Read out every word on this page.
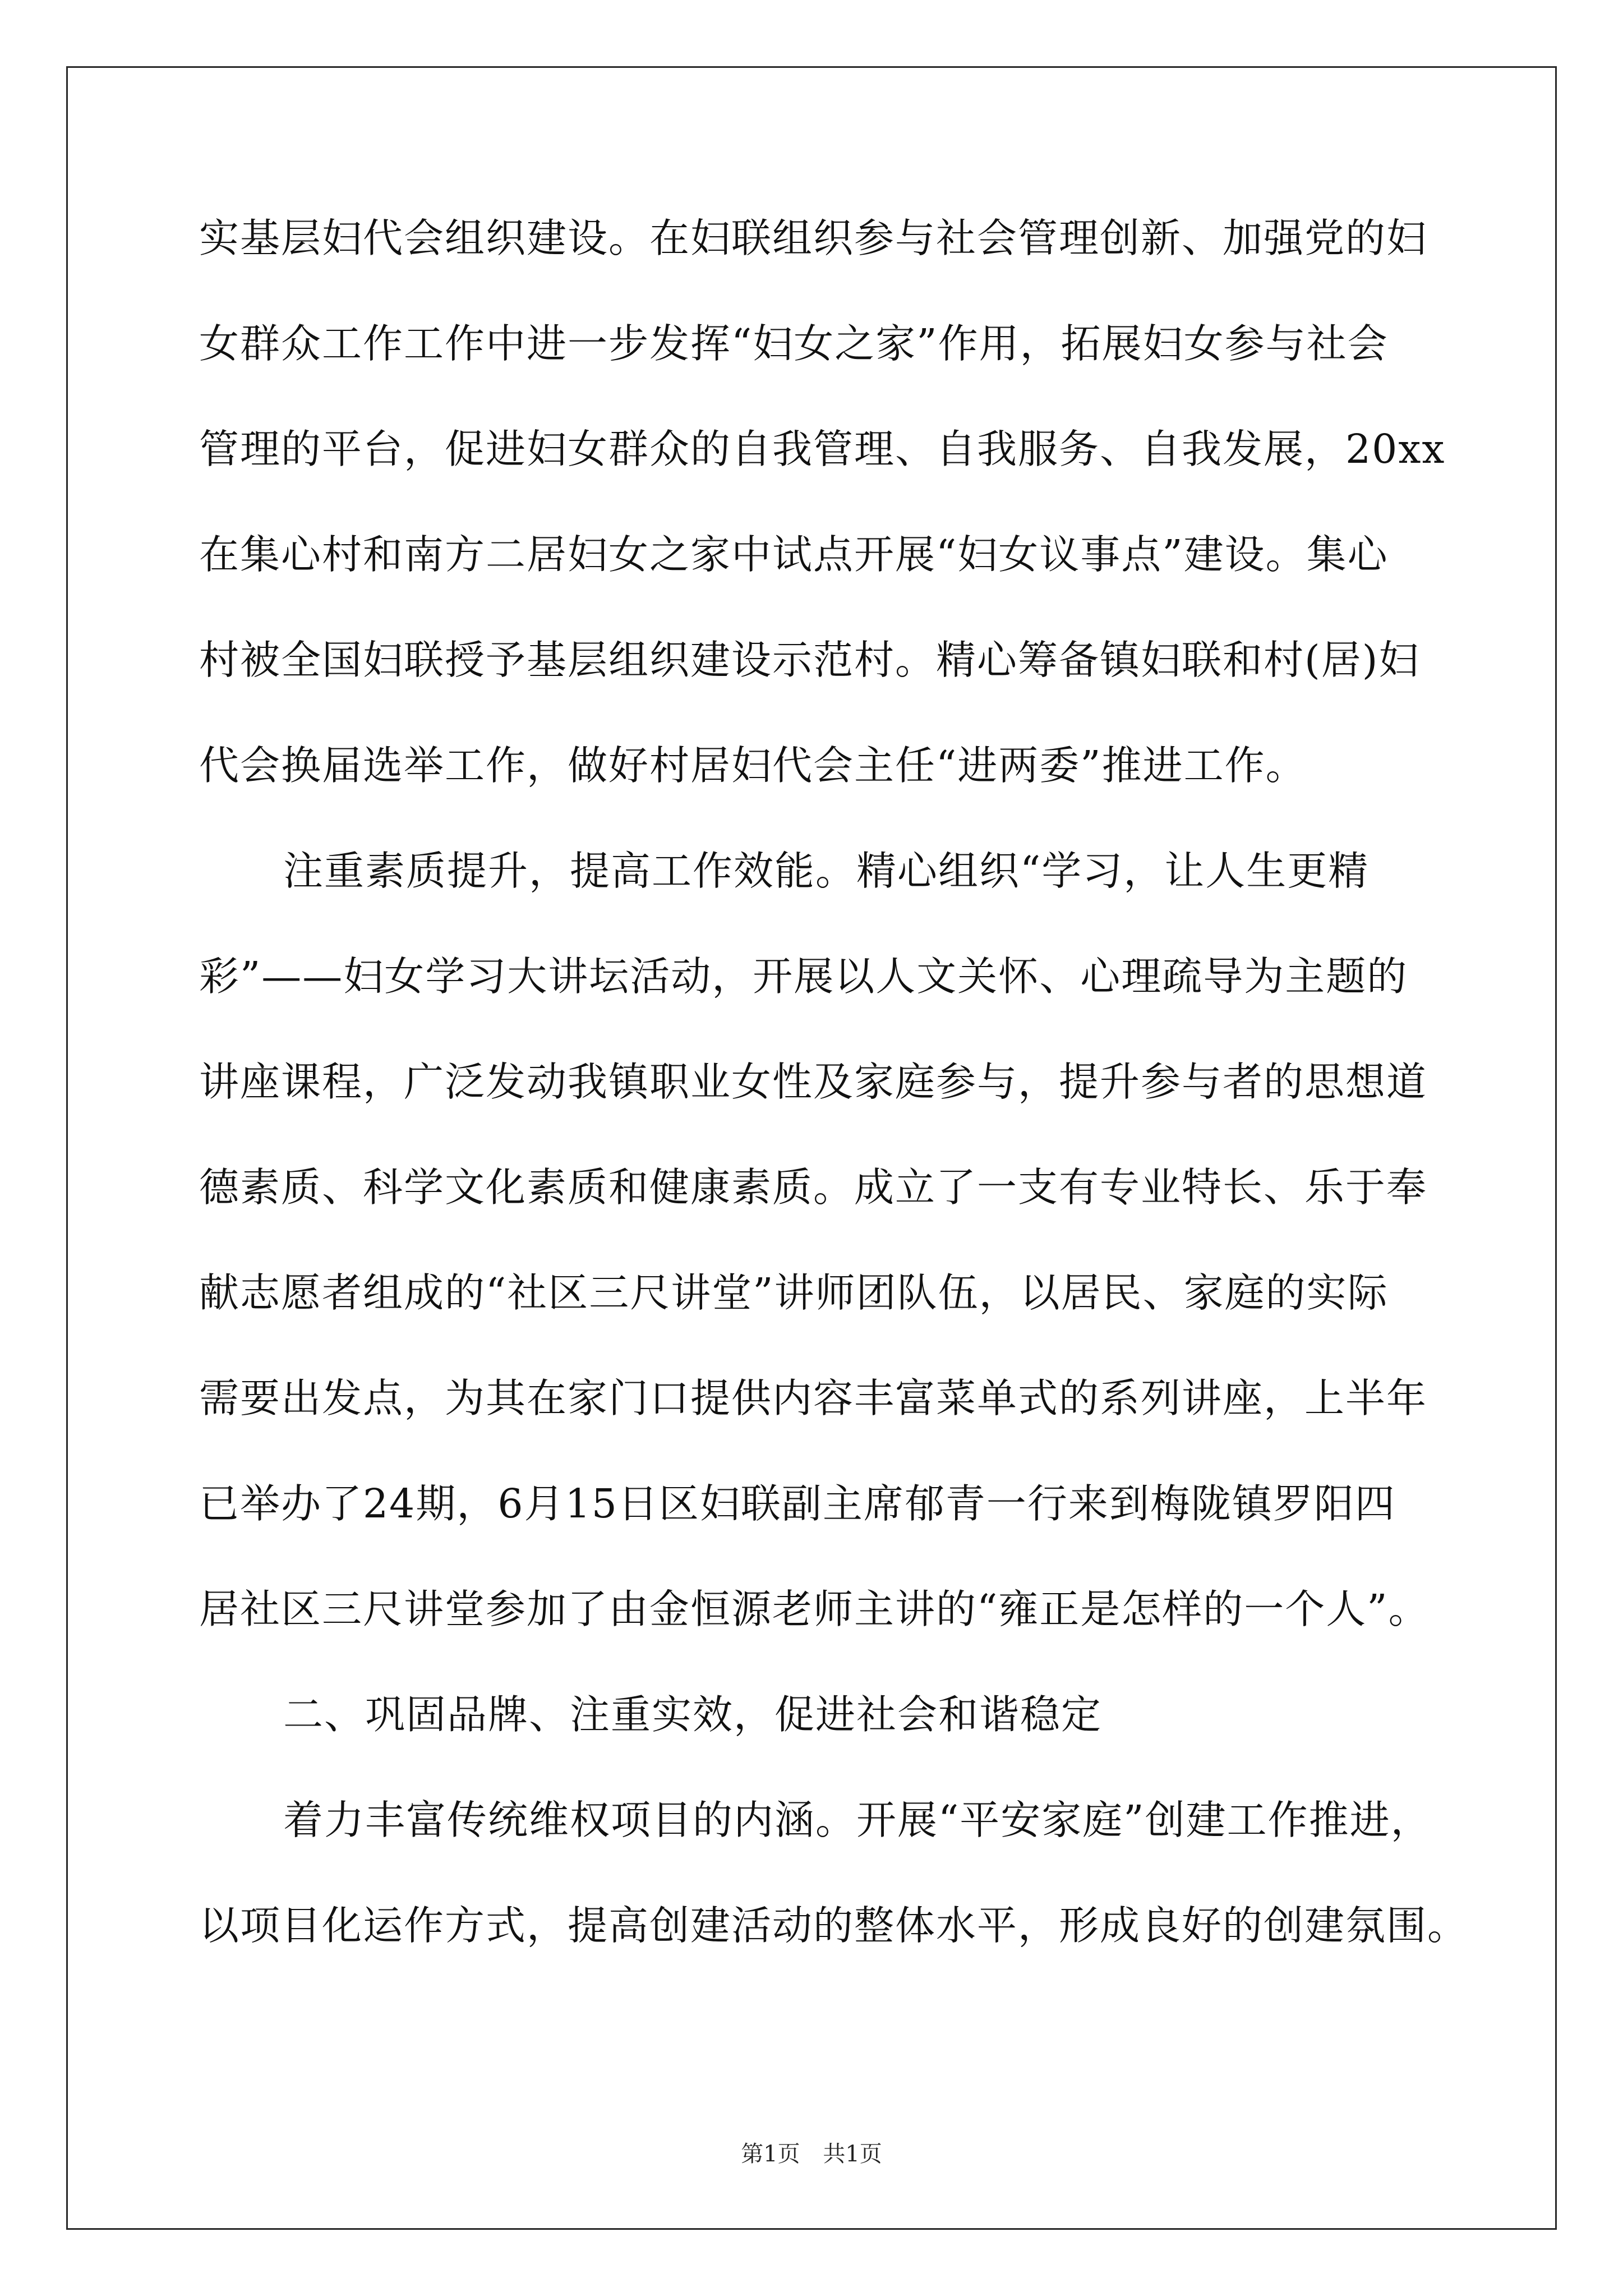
实基层妇代会组织建设。在妇联组织参与社会管理创新、加强党的妇
女群众工作工作中进一步发挥“妇女之家”作用，拓展妇女参与社会
管理的平台，促进妇女群众的自我管理、自我服务、自我发展，20xx
在集心村和南方二居妇女之家中试点开展“妇女议事点”建设。集心
村被全国妇联授予基层组织建设示范村。精心筹备镇妇联和村(居)妇
代会换届选举工作，做好村居妇代会主任“进两委”推进工作。
注重素质提升，提高工作效能。精心组织“学习，让人生更精
彩”——妇女学习大讲坛活动，开展以人文关怀、心理疏导为主题的
讲座课程，广泛发动我镇职业女性及家庭参与，提升参与者的思想道
德素质、科学文化素质和健康素质。成立了一支有专业特长、乐于奉
献志愿者组成的“社区三尺讲堂”讲师团队伍，以居民、家庭的实际
需要出发点，为其在家门口提供内容丰富菜单式的系列讲座，上半年
已举办了24期，6月15日区妇联副主席郁青一行来到梅陇镇罗阳四
居社区三尺讲堂参加了由金恒源老师主讲的“雍正是怎样的一个人”。
二、巩固品牌、注重实效，促进社会和谐稳定
着力丰富传统维权项目的内涵。开展“平安家庭”创建工作推进，
以项目化运作方式，提高创建活动的整体水平，形成良好的创建氛围。
第1页 共1页
